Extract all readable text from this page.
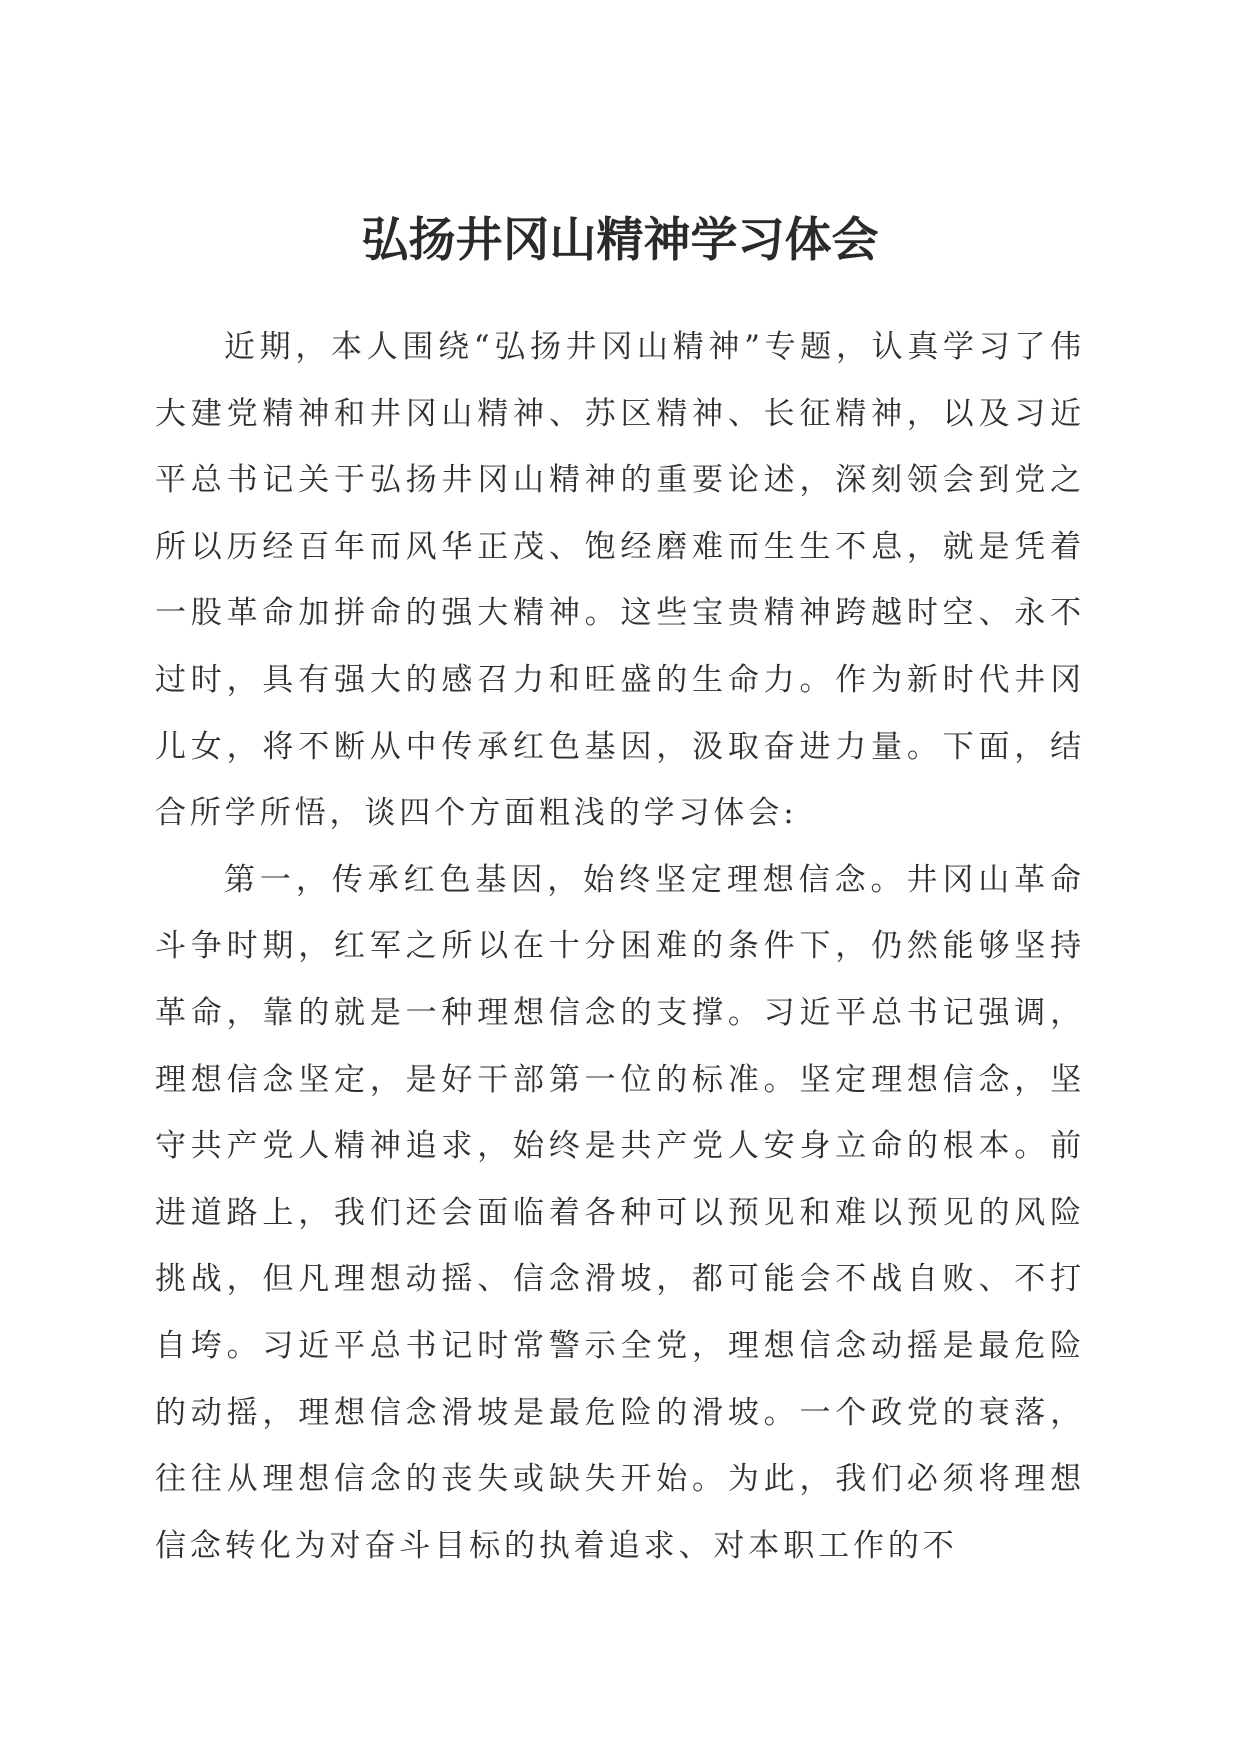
弘扬井冈山精神学习体会

近期，本人围绕“弘扬井冈山精神”专题，认真学习了伟大建党精神和井冈山精神、苏区精神、长征精神，以及习近平总书记关于弘扬井冈山精神的重要论述，深刻领会到党之所以历经百年而风华正茂、饱经磨难而生生不息，就是凭着一股革命加拼命的强大精神。这些宝贵精神跨越时空、永不过时，具有强大的感召力和旺盛的生命力。作为新时代井冈儿女，将不断从中传承红色基因，汲取奋进力量。下面，结合所学所悟，谈四个方面粗浅的学习体会:

第一，传承红色基因，始终坚定理想信念。井冈山革命斗争时期，红军之所以在十分困难的条件下，仍然能够坚持革命，靠的就是一种理想信念的支撑。习近平总书记强调，理想信念坚定，是好干部第一位的标准。坚定理想信念，坚守共产党人精神追求，始终是共产党人安身立命的根本。前进道路上，我们还会面临着各种可以预见和难以预见的风险挑战，但凡理想动摇、信念滑坡，都可能会不战自败、不打自垮。习近平总书记时常警示全党，理想信念动摇是最危险的动摇，理想信念滑坡是最危险的滑坡。一个政党的衰落，往往从理想信念的丧失或缺失开始。为此，我们必须将理想信念转化为对奋斗目标的执着追求、对本职工作的不
